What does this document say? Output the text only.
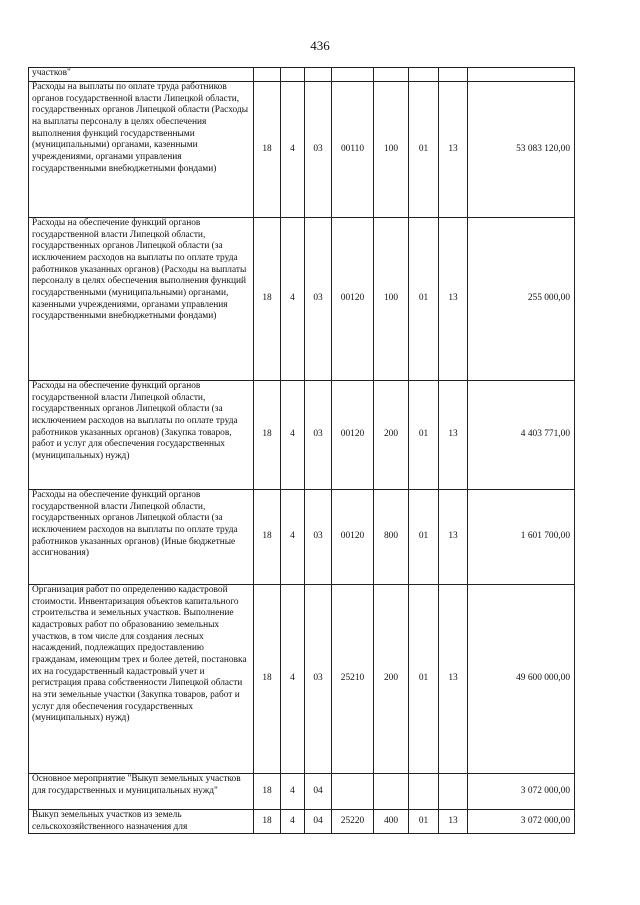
436
участков"								
Расходы на выплаты по оплате труда работников органов государственной власти Липецкой области, государственных органов Липецкой области (Расходы на выплаты персоналу в целях обеспечения выполнения функций государственными (муниципальными) органами, казенными учреждениями, органами управления государственными внебюджетными фондами)	18	4	03	00110	100	01	13	53 083 120,00
Расходы на обеспечение функций органов государственной власти Липецкой области, государственных органов Липецкой области (за исключением расходов на выплаты по оплате труда работников указанных органов) (Расходы на выплаты персоналу в целях обеспечения выполнения функций государственными (муниципальными) органами, казенными учреждениями, органами управления государственными внебюджетными фондами)	18	4	03	00120	100	01	13	255 000,00
Расходы на обеспечение функций органов государственной власти Липецкой области, государственных органов Липецкой области (за исключением расходов на выплаты по оплате труда работников указанных органов) (Закупка товаров, работ и услуг для обеспечения государственных (муниципальных) нужд)	18	4	03	00120	200	01	13	4 403 771,00
Расходы на обеспечение функций органов государственной власти Липецкой области, государственных органов Липецкой области (за исключением расходов на выплаты по оплате труда работников указанных органов) (Иные бюджетные ассигнования)	18	4	03	00120	800	01	13	1 601 700,00
Организация работ по определению кадастровой стоимости. Инвентаризация объектов капитального строительства и земельных участков. Выполнение кадастровых работ по образованию земельных участков, в том числе для создания лесных насаждений, подлежащих предоставлению гражданам, имеющим трех и более детей, постановка их на государственный кадастровый учет и регистрация права собственности Липецкой области на эти земельные участки (Закупка товаров, работ и услуг для обеспечения государственных (муниципальных) нужд)	18	4	03	25210	200	01	13	49 600 000,00
Основное мероприятие "Выкуп земельных участков для государственных и муниципальных нужд"	18	4	04					3 072 000,00
Выкуп земельных участков из земель сельскохозяйственного назначения для	18	4	04	25220	400	01	13	3 072 000,00
